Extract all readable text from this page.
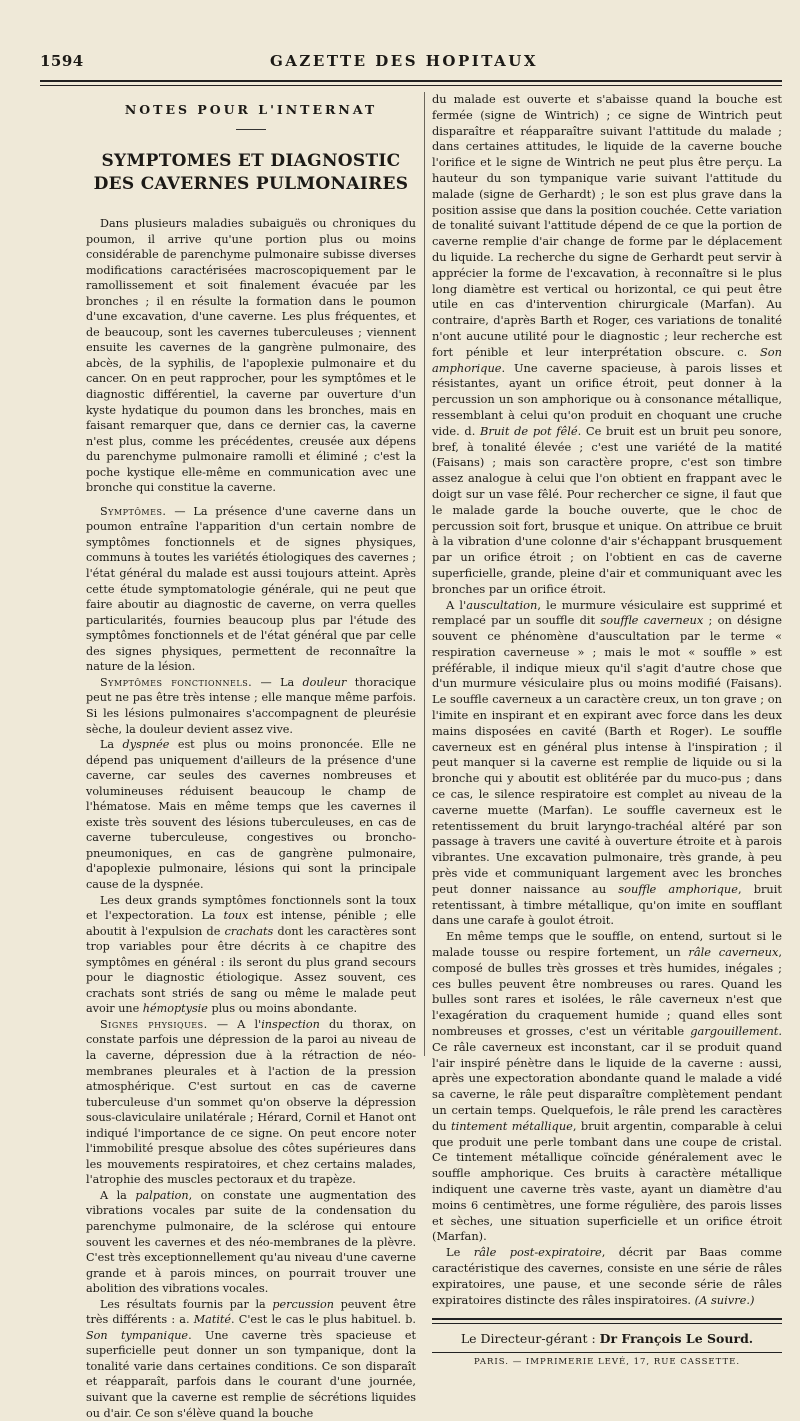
1594	GAZETTE DES HOPITAUX
NOTES POUR L'INTERNAT
SYMPTOMES ET DIAGNOSTIC DES CAVERNES PULMONAIRES

Dans plusieurs maladies subaiguës ou chroniques du poumon, il arrive qu'une portion plus ou moins considérable de parenchyme pulmonaire subisse diverses modifications caractérisées macroscopiquement par le ramollissement et soit finalement évacuée par les bronches ; il en résulte la formation dans le poumon d'une excavation, d'une caverne. Les plus fréquentes, et de beaucoup, sont les cavernes tuberculeuses ; viennent ensuite les cavernes de la gangrène pulmonaire, des abcès, de la syphilis, de l'apoplexie pulmonaire et du cancer. On en peut rapprocher, pour les symptômes et le diagnostic différentiel, la caverne par ouverture d'un kyste hydatique du poumon dans les bronches, mais en faisant remarquer que, dans ce dernier cas, la caverne n'est plus, comme les précédentes, creusée aux dépens du parenchyme pulmonaire ramolli et éliminé ; c'est la poche kystique elle-même en communication avec une bronche qui constitue la caverne.

Symptômes. — La présence d'une caverne dans un poumon entraîne l'apparition d'un certain nombre de symptômes fonctionnels et de signes physiques, communs à toutes les variétés étiologiques des cavernes ; l'état général du malade est aussi toujours atteint. Après cette étude symptomatologie générale, qui ne peut que faire aboutir au diagnostic de caverne, on verra quelles particularités, fournies beaucoup plus par l'étude des symptômes fonctionnels et de l'état général que par celle des signes physiques, permettent de reconnaître la nature de la lésion.

Symptômes fonctionnels. — La douleur thoracique peut ne pas être très intense ; elle manque même parfois. Si les lésions pulmonaires s'accompagnent de pleurésie sèche, la douleur devient assez vive.

La dyspnée est plus ou moins prononcée. Elle ne dépend pas uniquement d'ailleurs de la présence d'une caverne, car seules des cavernes nombreuses et volumineuses réduisent beaucoup le champ de l'hématose. Mais en même temps que les cavernes il existe très souvent des lésions tuberculeuses, en cas de caverne tuberculeuse, congestives ou broncho-pneumoniques, en cas de gangrène pulmonaire, d'apoplexie pulmonaire, lésions qui sont la principale cause de la dyspnée.

Les deux grands symptômes fonctionnels sont la toux et l'expectoration. La toux est intense, pénible ; elle aboutit à l'expulsion de crachats dont les caractères sont trop variables pour être décrits à ce chapitre des symptômes en général : ils seront du plus grand secours pour le diagnostic étiologique. Assez souvent, ces crachats sont striés de sang ou même le malade peut avoir une hémoptysie plus ou moins abondante.

Signes physiques. — A l'inspection du thorax, on constate parfois une dépression de la paroi au niveau de la caverne, dépression due à la rétraction de néo-membranes pleurales et à l'action de la pression atmosphérique. C'est surtout en cas de caverne tuberculeuse d'un sommet qu'on observe la dépression sous-claviculaire unilatérale ; Hérard, Cornil et Hanot ont indiqué l'importance de ce signe. On peut encore noter l'immobilité presque absolue des côtes supérieures dans les mouvements respiratoires, et chez certains malades, l'atrophie des muscles pectoraux et du trapèze.

A la palpation, on constate une augmentation des vibrations vocales par suite de la condensation du parenchyme pulmonaire, de la sclérose qui entoure souvent les cavernes et des néo-membranes de la plèvre. C'est très exceptionnellement qu'au niveau d'une caverne grande et à parois minces, on pourrait trouver une abolition des vibrations vocales.

Les résultats fournis par la percussion peuvent être très différents : a. Matité. C'est le cas le plus habituel. b. Son tympanique. Une caverne très spacieuse et superficielle peut donner un son tympanique, dont la tonalité varie dans certaines conditions. Ce son disparaît et réapparaît, parfois dans le courant d'une journée, suivant que la caverne est remplie de sécrétions liquides ou d'air. Ce son s'élève quand la bouche

du malade est ouverte et s'abaisse quand la bouche est fermée (signe de Wintrich) ; ce signe de Wintrich peut disparaître et réapparaître suivant l'attitude du malade ; dans certaines attitudes, le liquide de la caverne bouche l'orifice et le signe de Wintrich ne peut plus être perçu. La hauteur du son tympanique varie suivant l'attitude du malade (signe de Gerhardt) ; le son est plus grave dans la position assise que dans la position couchée. Cette variation de tonalité suivant l'attitude dépend de ce que la portion de caverne remplie d'air change de forme par le déplacement du liquide. La recherche du signe de Gerhardt peut servir à apprécier la forme de l'excavation, à reconnaître si le plus long diamètre est vertical ou horizontal, ce qui peut être utile en cas d'intervention chirurgicale (Marfan). Au contraire, d'après Barth et Roger, ces variations de tonalité n'ont aucune utilité pour le diagnostic ; leur recherche est fort pénible et leur interprétation obscure. c. Son amphorique. Une caverne spacieuse, à parois lisses et résistantes, ayant un orifice étroit, peut donner à la percussion un son amphorique ou à consonance métallique, ressemblant à celui qu'on produit en choquant une cruche vide. d. Bruit de pot fêlé. Ce bruit est un bruit peu sonore, bref, à tonalité élevée ; c'est une variété de la matité (Faisans) ; mais son caractère propre, c'est son timbre assez analogue à celui que l'on obtient en frappant avec le doigt sur un vase fêlé. Pour rechercher ce signe, il faut que le malade garde la bouche ouverte, que le choc de percussion soit fort, brusque et unique. On attribue ce bruit à la vibration d'une colonne d'air s'échappant brusquement par un orifice étroit ; on l'obtient en cas de caverne superficielle, grande, pleine d'air et communiquant avec les bronches par un orifice étroit.

A l'auscultation, le murmure vésiculaire est supprimé et remplacé par un souffle dit souffle caverneux ; on désigne souvent ce phénomène d'auscultation par le terme « respiration caverneuse » ; mais le mot « souffle » est préférable, il indique mieux qu'il s'agit d'autre chose que d'un murmure vésiculaire plus ou moins modifié (Faisans). Le souffle caverneux a un caractère creux, un ton grave ; on l'imite en inspirant et en expirant avec force dans les deux mains disposées en cavité (Barth et Roger). Le souffle caverneux est en général plus intense à l'inspiration ; il peut manquer si la caverne est remplie de liquide ou si la bronche qui y aboutit est oblitérée par du muco-pus ; dans ce cas, le silence respiratoire est complet au niveau de la caverne muette (Marfan). Le souffle caverneux est le retentissement du bruit laryngo-trachéal altéré par son passage à travers une cavité à ouverture étroite et à parois vibrantes. Une excavation pulmonaire, très grande, à peu près vide et communiquant largement avec les bronches peut donner naissance au souffle amphorique, bruit retentissant, à timbre métallique, qu'on imite en soufflant dans une carafe à goulot étroit.

En même temps que le souffle, on entend, surtout si le malade tousse ou respire fortement, un râle caverneux, composé de bulles très grosses et très humides, inégales ; ces bulles peuvent être nombreuses ou rares. Quand les bulles sont rares et isolées, le râle caverneux n'est que l'exagération du craquement humide ; quand elles sont nombreuses et grosses, c'est un véritable gargouillement. Ce râle caverneux est inconstant, car il se produit quand l'air inspiré pénètre dans le liquide de la caverne : aussi, après une expectoration abondante quand le malade a vidé sa caverne, le râle peut disparaître complètement pendant un certain temps. Quelquefois, le râle prend les caractères du tintement métallique, bruit argentin, comparable à celui que produit une perle tombant dans une coupe de cristal. Ce tintement métallique coïncide généralement avec le souffle amphorique. Ces bruits à caractère métallique indiquent une caverne très vaste, ayant un diamètre d'au moins 6 centimètres, une forme régulière, des parois lisses et sèches, une situation superficielle et un orifice étroit (Marfan).

Le râle post-expiratoire, décrit par Baas comme caractéristique des cavernes, consiste en une série de râles expiratoires, une pause, et une seconde série de râles expiratoires distincte des râles inspiratoires. (A suivre.)

Le Directeur-gérant : Dr François Le Sourd.
PARIS. — IMPRIMERIE LEVÉ, 17, RUE CASSETTE.
